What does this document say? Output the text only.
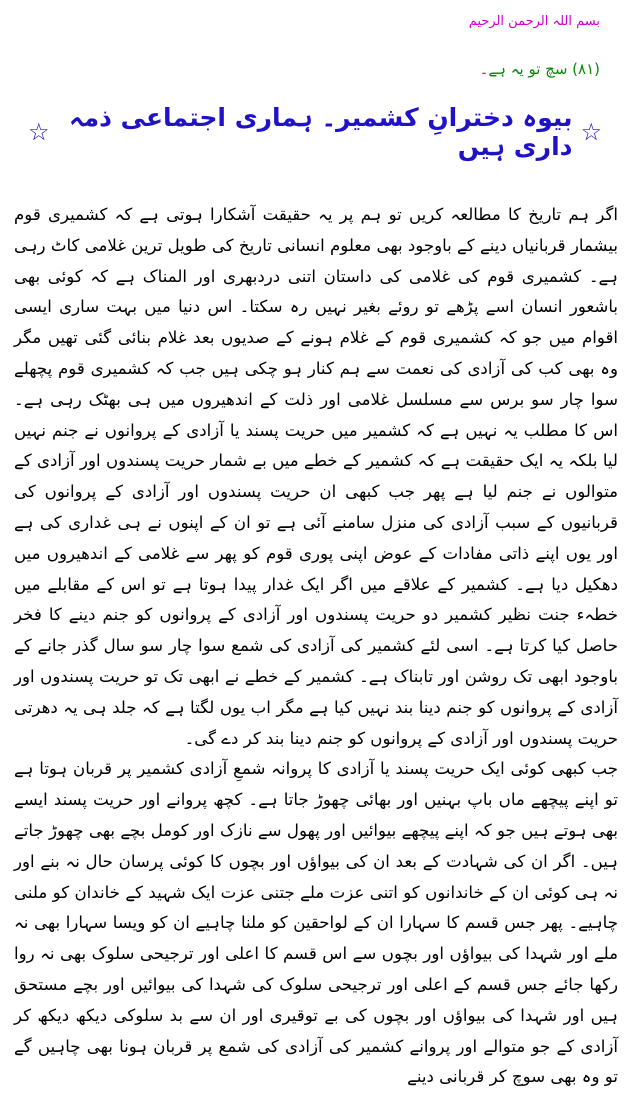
بسم اللہ الرحمن الرحیم
(۸۱) سچ تو یہ ہے۔
☆
بیوہ دخترانِ کشمیر۔ ہماری اجتماعی ذمہ داری ہیں
☆

اگر ہم تاریخ کا مطالعہ کریں تو ہم پر یہ حقیقت آشکارا ہوتی ہے کہ کشمیری قوم بیشمار قربانیاں دینے کے باوجود بھی معلوم انسانی تاریخ کی طویل ترین غلامی کاٹ رہی ہے۔ کشمیری قوم کی غلامی کی داستان اتنی دردبھری اور المناک ہے کہ کوئی بھی باشعور انسان اسے پڑھے تو روئے بغیر نہیں رہ سکتا۔ اس دنیا میں بہت ساری ایسی اقوام میں جو کہ کشمیری قوم کے غلام ہونے کے صدیوں بعد غلام بنائی گئی تھیں مگر وہ بھی کب کی آزادی کی نعمت سے ہم کنار ہو چکی ہیں جب کہ کشمیری قوم پچھلے سوا چار سو برس سے مسلسل غلامی اور ذلت کے اندھیروں میں ہی بھٹک رہی ہے۔ اس کا مطلب یہ نہیں ہے کہ کشمیر میں حریت پسند یا آزادی کے پروانوں نے جنم نہیں لیا بلکہ یہ ایک حقیقت ہے کہ کشمیر کے خطے میں بے شمار حریت پسندوں اور آزادی کے متوالوں نے جنم لیا ہے پھر جب کبھی ان حریت پسندوں اور آزادی کے پروانوں کی قربانیوں کے سبب آزادی کی منزل سامنے آئی ہے تو ان کے اپنوں نے ہی غداری کی ہے اور یوں اپنے ذاتی مفادات کے عوض اپنی پوری قوم کو پھر سے غلامی کے اندھیروں میں دھکیل دیا ہے۔ کشمیر کے علاقے میں اگر ایک غدار پیدا ہوتا ہے تو اس کے مقابلے میں خطہء جنت نظیر کشمیر دو حریت پسندوں اور آزادی کے پروانوں کو جنم دینے کا فخر حاصل کیا کرتا ہے۔ اسی لئے کشمیر کی آزادی کی شمع سوا چار سو سال گذر جانے کے باوجود ابھی تک روشن اور تابناک ہے۔ کشمیر کے خطے نے ابھی تک تو حریت پسندوں اور آزادی کے پروانوں کو جنم دینا بند نہیں کیا ہے مگر اب یوں لگتا ہے کہ جلد ہی یہ دھرتی حریت پسندوں اور آزادی کے پروانوں کو جنم دینا بند کر دے گی۔

جب کبھی کوئی ایک حریت پسند یا آزادی کا پروانہ شمعِ آزادی کشمیر پر قربان ہوتا ہے تو اپنے پیچھے ماں باپ بہنیں اور بھائی چھوڑ جاتا ہے۔ کچھ پروانے اور حریت پسند ایسے بھی ہوتے ہیں جو کہ اپنے پیچھے بیوائیں اور پھول سے نازک اور کومل بچے بھی چھوڑ جاتے ہیں۔ اگر ان کی شہادت کے بعد ان کی بیواؤں اور بچوں کا کوئی پرسان حال نہ بنے اور نہ ہی کوئی ان کے خاندانوں کو اتنی عزت ملے جتنی عزت ایک شہید کے خاندان کو ملنی چاہیے۔ پھر جس قسم کا سہارا ان کے لواحقین کو ملنا چاہیے ان کو ویسا سہارا بھی نہ ملے اور شہدا کی بیواؤں اور بچوں سے اس قسم کا اعلی اور ترجیحی سلوک بھی نہ روا رکھا جائے جس قسم کے اعلی اور ترجیحی سلوک کی شہدا کی بیوائیں اور بچے مستحق ہیں اور شہدا کی بیواؤں اور بچوں کی بے توقیری اور ان سے بد سلوکی دیکھ دیکھ کر آزادی کے جو متوالے اور پروانے کشمیر کی آزادی کی شمع پر قربان ہونا بھی چاہیں گے تو وہ بھی سوچ کر قربانی دینے
